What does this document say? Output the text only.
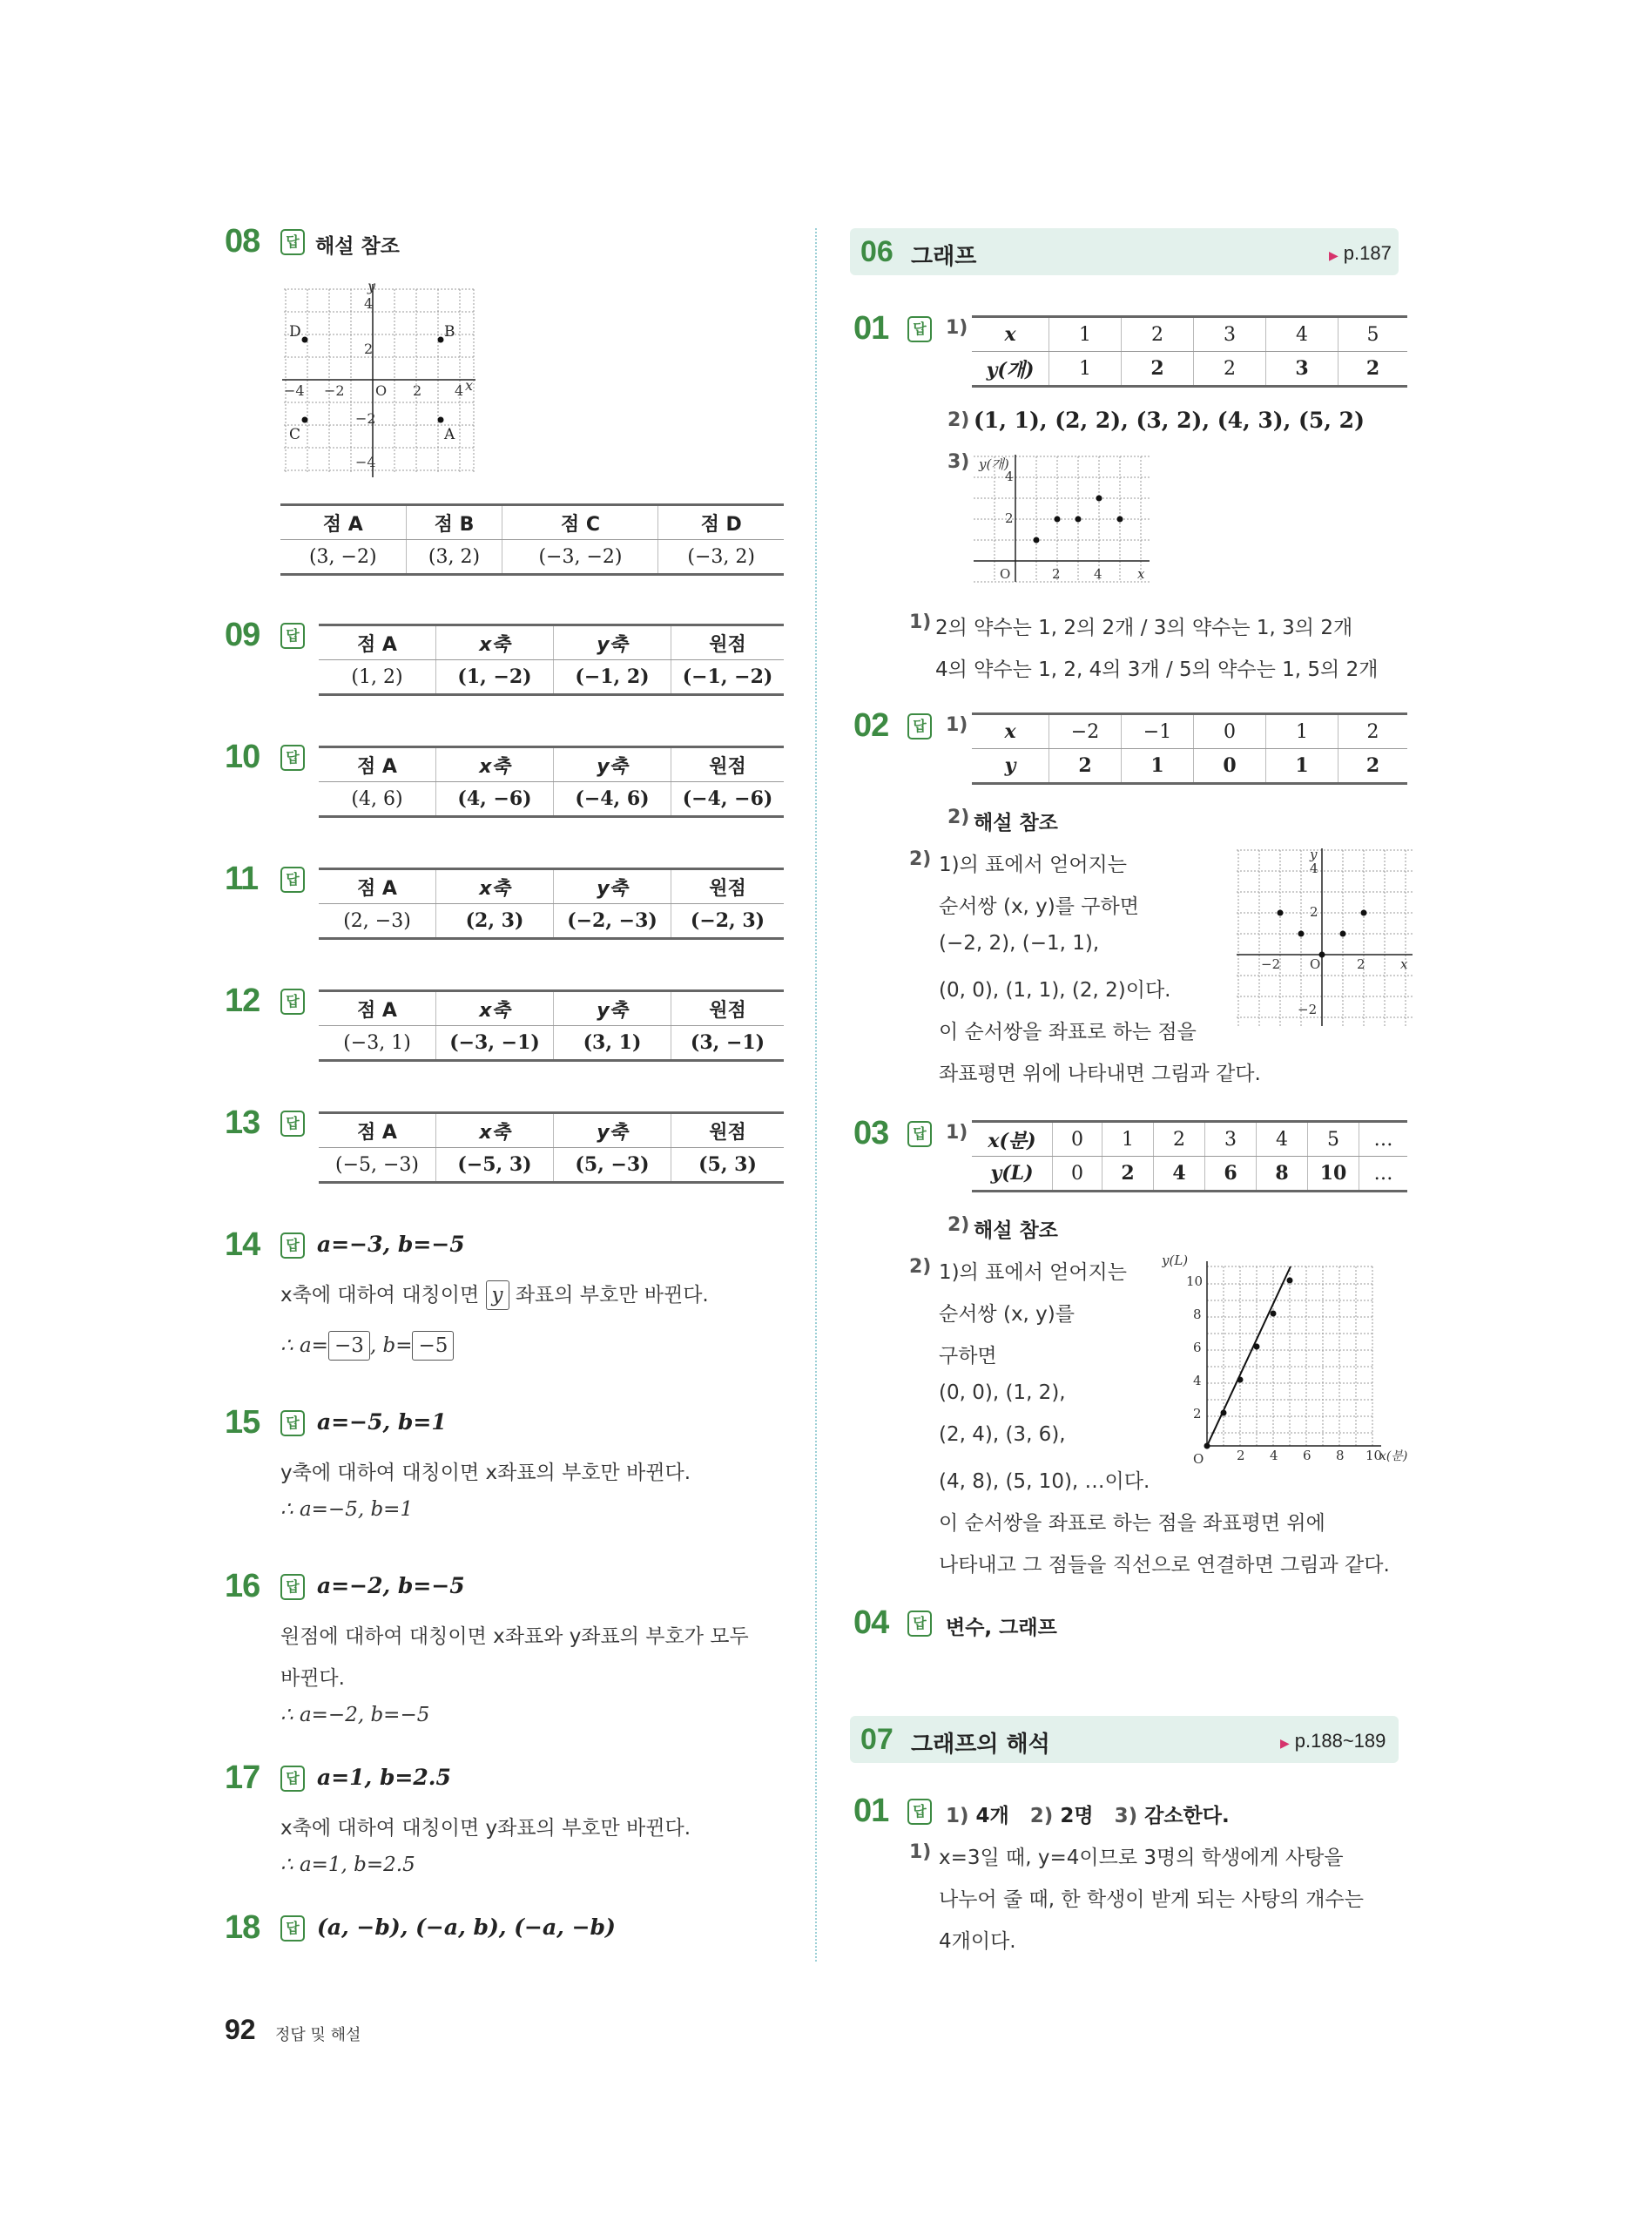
08	답 해설 참조
4
2
−4 −2 O 2 4
−2
−4
x
y
A
B
C
D
점 A	점 B	점 C	점 D
(3, −2)	(3, 2)	(−3, −2)	(−3, 2)
09	답	점 A	x축	y축	원점
(1, 2)	(1, −2)	(−1, 2)	(−1, −2)
10	답	점 A	x축	y축	원점
(4, 6)	(4, −6)	(−4, 6)	(−4, −6)
11	답	점 A	x축	y축	원점
(2, −3)	(2, 3)	(−2, −3)	(−2, 3)
12	답	점 A	x축	y축	원점
(−3, 1)	(−3, −1)	(3, 1)	(3, −1)
13	답	점 A	x축	y축	원점
(−5, −3)	(−5, 3)	(5, −3)	(5, 3)
14	답 a=−3, b=−5
x축에 대하여 대칭이면 y 좌표의 부호만 바뀐다.
∴ a= −3 , b= −5
15	답 a=−5, b=1
y축에 대하여 대칭이면 x좌표의 부호만 바뀐다.
∴ a=−5, b=1
16	답 a=−2, b=−5
원점에 대하여 대칭이면 x좌표와 y좌표의 부호가 모두
바뀐다.
∴ a=−2, b=−5
17	답 a=1, b=2.5
x축에 대하여 대칭이면 y좌표의 부호만 바뀐다.
∴ a=1, b=2.5
18	답 (a, −b), (−a, b), (−a, −b)
92 정답 및 해설
06 그래프	▶ p.187
01	답 1) x	1	2	3	4	5
y(개)	1	2	2	3	2
2) (1, 1), (2, 2), (3, 2), (4, 3), (5, 2)
3) y(개)
4
2
O	2	4	x
1) 2의 약수는 1, 2의 2개 / 3의 약수는 1, 3의 2개
4의 약수는 1, 2, 4의 3개 / 5의 약수는 1, 5의 2개
02	답 1) x	−2	−1	0	1	2
y	2	1	0	1	2
2) 해설 참조
2) 1)의 표에서 얻어지는
순서쌍 (x, y)를 구하면
(−2, 2), (−1, 1),
(0, 0), (1, 1), (2, 2)이다.
이 순서쌍을 좌표로 하는 점을
좌표평면 위에 나타내면 그림과 같다.
y
4
2
−2 O	2	x
−2
03	답 1) x(분)	0	1	2	3	4	5	…
y(L)	0	2	4	6	8	10	…
2) 해설 참조
2) 1)의 표에서 얻어지는
순서쌍 (x, y)를
구하면
(0, 0), (1, 2),
(2, 4), (3, 6),
(4, 8), (5, 10), …이다.
이 순서쌍을 좌표로 하는 점을 좌표평면 위에
나타내고 그 점들을 직선으로 연결하면 그림과 같다.
y(L)
10
8
6
4
2
O	2 4 6 8 10
x(분)
04	답 변수, 그래프
07 그래프의 해석	▶ p.188~189
01	답 1) 4개 2) 2명 3) 감소한다.
1) x=3일 때, y=4이므로 3명의 학생에게 사탕을
나누어 줄 때, 한 학생이 받게 되는 사탕의 개수는
4개이다.
